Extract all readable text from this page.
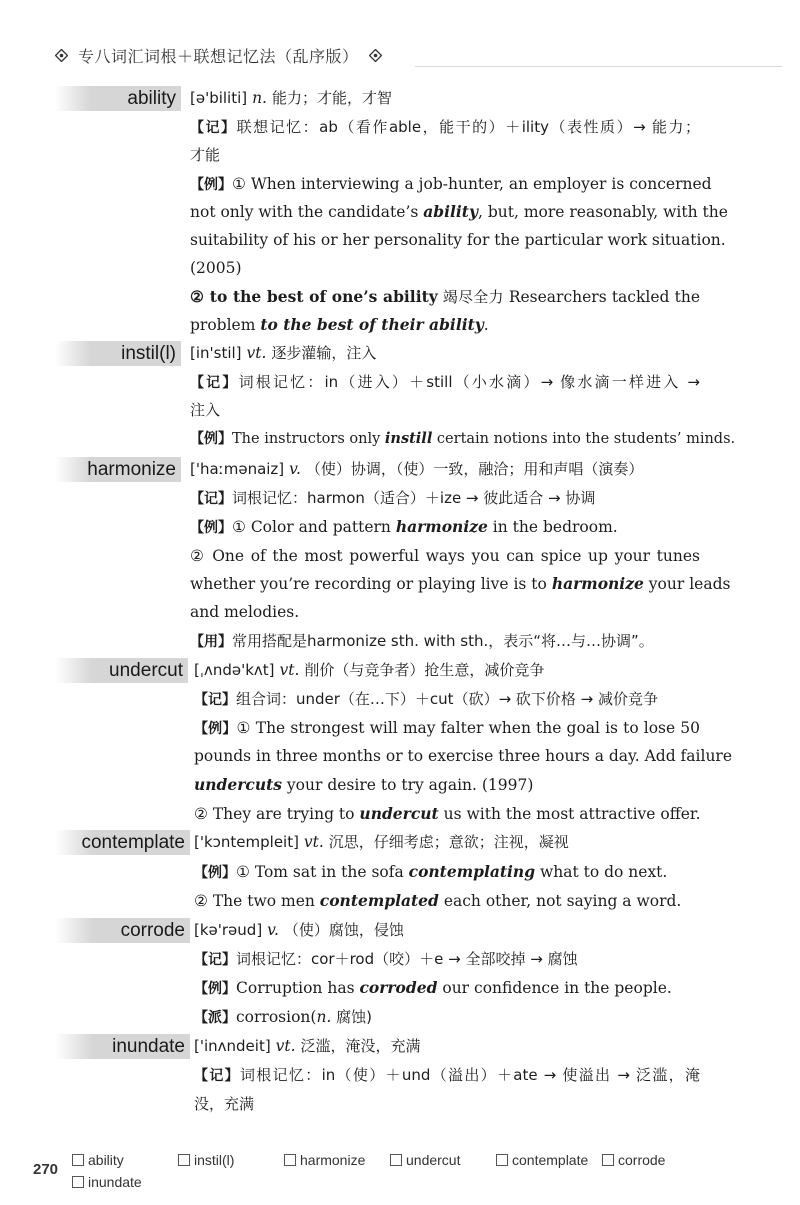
专八词汇词根＋联想记忆法（乱序版）
ability [ə'biliti] n. 能力；才能，才智
【记】联想记忆：ab（看作able，能干的）＋ility（表性质）→ 能力；
才能
【例】① When interviewing a job-hunter, an employer is concerned
not only with the candidate’s ability, but, more reasonably, with the
suitability of his or her personality for the particular work situation.
(2005)
② to the best of one’s ability 竭尽全力 Researchers tackled the
problem to the best of their ability.
instil(l) [in'stil] vt. 逐步灌输，注入
【记】词根记忆：in（进入）＋still（小水滴）→ 像水滴一样进入 →
注入
【例】The instructors only instill certain notions into the students’ minds.
harmonize ['haːmənaiz] v. （使）协调，（使）一致，融洽；用和声唱（演奏）
【记】词根记忆：harmon（适合）＋ize → 彼此适合 → 协调
【例】① Color and pattern harmonize in the bedroom.
② One of the most powerful ways you can spice up your tunes
whether you’re recording or playing live is to harmonize your leads
and melodies.
【用】常用搭配是harmonize sth. with sth.，表示“将…与…协调”。
undercut [ˌʌndə'kʌt] vt. 削价（与竞争者）抢生意，减价竞争
【记】组合词：under（在…下）＋cut（砍）→ 砍下价格 → 减价竞争
【例】① The strongest will may falter when the goal is to lose 50
pounds in three months or to exercise three hours a day. Add failure
undercuts your desire to try again. (1997)
② They are trying to undercut us with the most attractive offer.
contemplate ['kɔntempleit] vt. 沉思，仔细考虑；意欲；注视，凝视
【例】① Tom sat in the sofa contemplating what to do next.
② The two men contemplated each other, not saying a word.
corrode [kə'rəud] v. （使）腐蚀，侵蚀
【记】词根记忆：cor＋rod（咬）＋e → 全部咬掉 → 腐蚀
【例】Corruption has corroded our confidence in the people.
【派】corrosion(n. 腐蚀)
inundate ['inʌndeit] vt. 泛滥，淹没，充满
【记】词根记忆：in（使）＋und（溢出）＋ate → 使溢出 → 泛滥，淹
没，充满
270
ability	instil(l)	harmonize	undercut	contemplate corrode
inundate
